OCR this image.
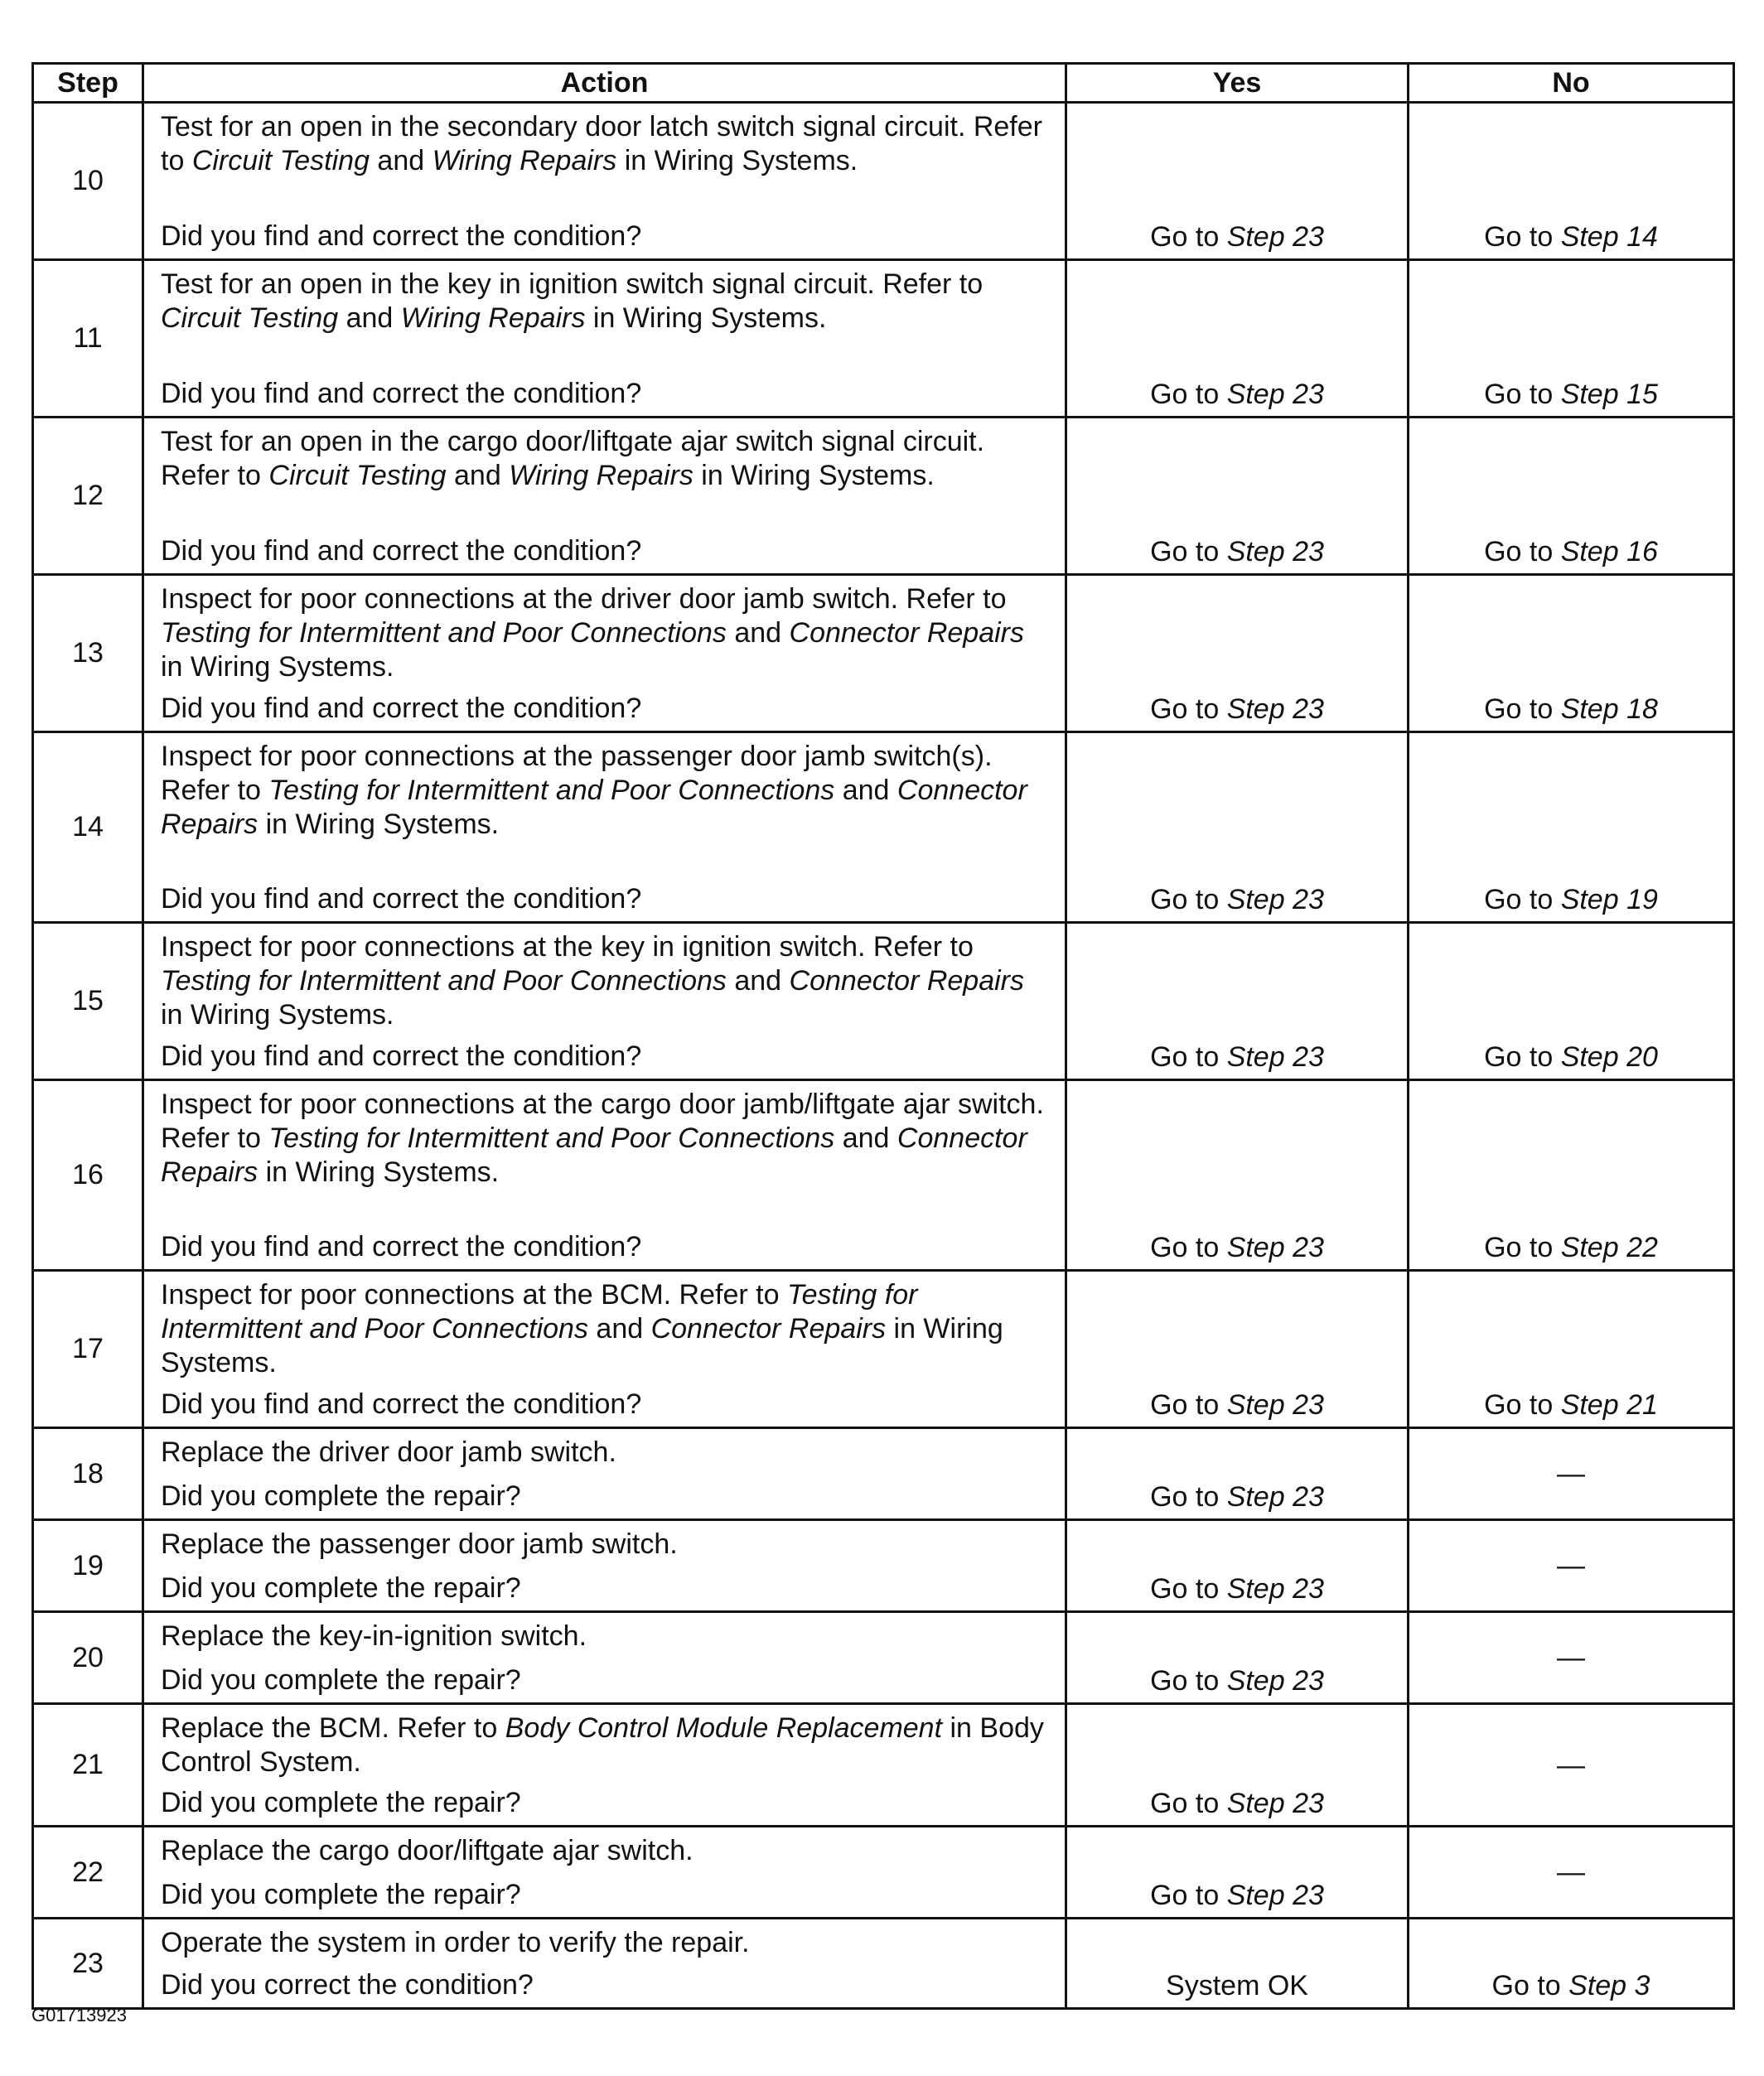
Step	Action	Yes	No
10	Test for an open in the secondary door latch switch signal circuit. Refer to Circuit Testing and Wiring Repairs in Wiring Systems.
Did you find and correct the condition?	Go to Step 23	Go to Step 14
11	Test for an open in the key in ignition switch signal circuit. Refer to Circuit Testing and Wiring Repairs in Wiring Systems.
Did you find and correct the condition?	Go to Step 23	Go to Step 15
12	Test for an open in the cargo door/liftgate ajar switch signal circuit. Refer to Circuit Testing and Wiring Repairs in Wiring Systems.
Did you find and correct the condition?	Go to Step 23	Go to Step 16
13	Inspect for poor connections at the driver door jamb switch. Refer to Testing for Intermittent and Poor Connections and Connector Repairs in Wiring Systems.
Did you find and correct the condition?	Go to Step 23	Go to Step 18
14	Inspect for poor connections at the passenger door jamb switch(s). Refer to Testing for Intermittent and Poor Connections and Connector Repairs in Wiring Systems.
Did you find and correct the condition?	Go to Step 23	Go to Step 19
15	Inspect for poor connections at the key in ignition switch. Refer to Testing for Intermittent and Poor Connections and Connector Repairs in Wiring Systems.
Did you find and correct the condition?	Go to Step 23	Go to Step 20
16	Inspect for poor connections at the cargo door jamb/liftgate ajar switch. Refer to Testing for Intermittent and Poor Connections and Connector Repairs in Wiring Systems.
Did you find and correct the condition?	Go to Step 23	Go to Step 22
17	Inspect for poor connections at the BCM. Refer to Testing for Intermittent and Poor Connections and Connector Repairs in Wiring Systems.
Did you find and correct the condition?	Go to Step 23	Go to Step 21
18	Replace the driver door jamb switch.
Did you complete the repair?	Go to Step 23	—
19	Replace the passenger door jamb switch.
Did you complete the repair?	Go to Step 23	—
20	Replace the key-in-ignition switch.
Did you complete the repair?	Go to Step 23	—
21	Replace the BCM. Refer to Body Control Module Replacement in Body Control System.
Did you complete the repair?	Go to Step 23	—
22	Replace the cargo door/liftgate ajar switch.
Did you complete the repair?	Go to Step 23	—
23	Operate the system in order to verify the repair.
Did you correct the condition?	System OK	Go to Step 3
G01713923
